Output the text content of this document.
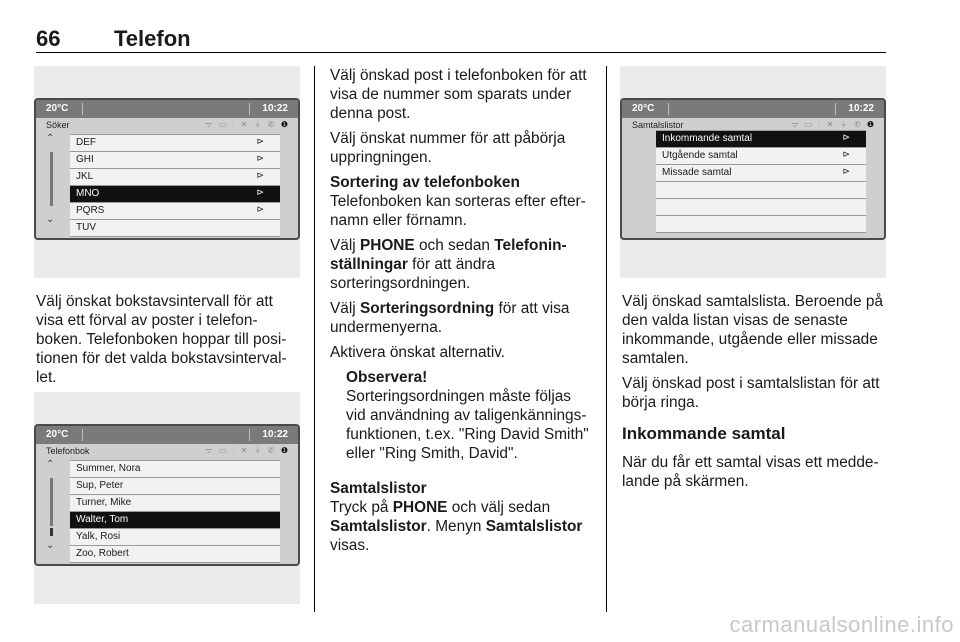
66 Telefon
20°C	10:22
Söker	ᯤ ▭ ⫶ ✕ ⏚ ✆ ❶
⌃
⌄
DEF	⊳
GHI	⊳
JKL	⊳
MNO	⊳
PQRS	⊳
TUV
20°C	10:22
Telefonbok	ᯤ ▭ ⫶ ✕ ⏚ ✆ ❶
⌃
⌄
Summer, Nora
Sup, Peter
Turner, Mike
Walter, Tom
Yalk, Rosi
Zoo, Robert
20°C	10:22
Samtalslistor	ᯤ ▭ ⫶ ✕ ⏚ ✆ ❶
Inkommande samtal	⊳
Utgående samtal	⊳
Missade samtal	⊳

Välj önskat bokstavsintervall för att visa ett förval av poster i telefonboken. Telefonboken hoppar till positionen för det valda bokstavsintervallet.

Välj önskad post i telefonboken för att visa de nummer som sparats under denna post.

Välj önskat nummer för att påbörja uppringningen.

Sortering av telefonboken

Telefonboken kan sorteras efter efternamn eller förnamn.

Välj PHONE och sedan Telefoninställningar för att ändra sorteringsordningen.

Välj Sorteringsordning för att visa undermenyerna.

Aktivera önskat alternativ.

Observera!

Sorteringsordningen måste följas vid användning av taligenkänningsfunktionen, t.ex. "Ring David Smith" eller "Ring Smith, David".

Samtalslistor

Tryck på PHONE och välj sedan Samtalslistor. Menyn Samtalslistor visas.

Välj önskad samtalslista. Beroende på den valda listan visas de senaste inkommande, utgående eller missade samtalen.

Välj önskad post i samtalslistan för att börja ringa.

Inkommande samtal

När du får ett samtal visas ett meddelande på skärmen.

carmanualsonline.info
